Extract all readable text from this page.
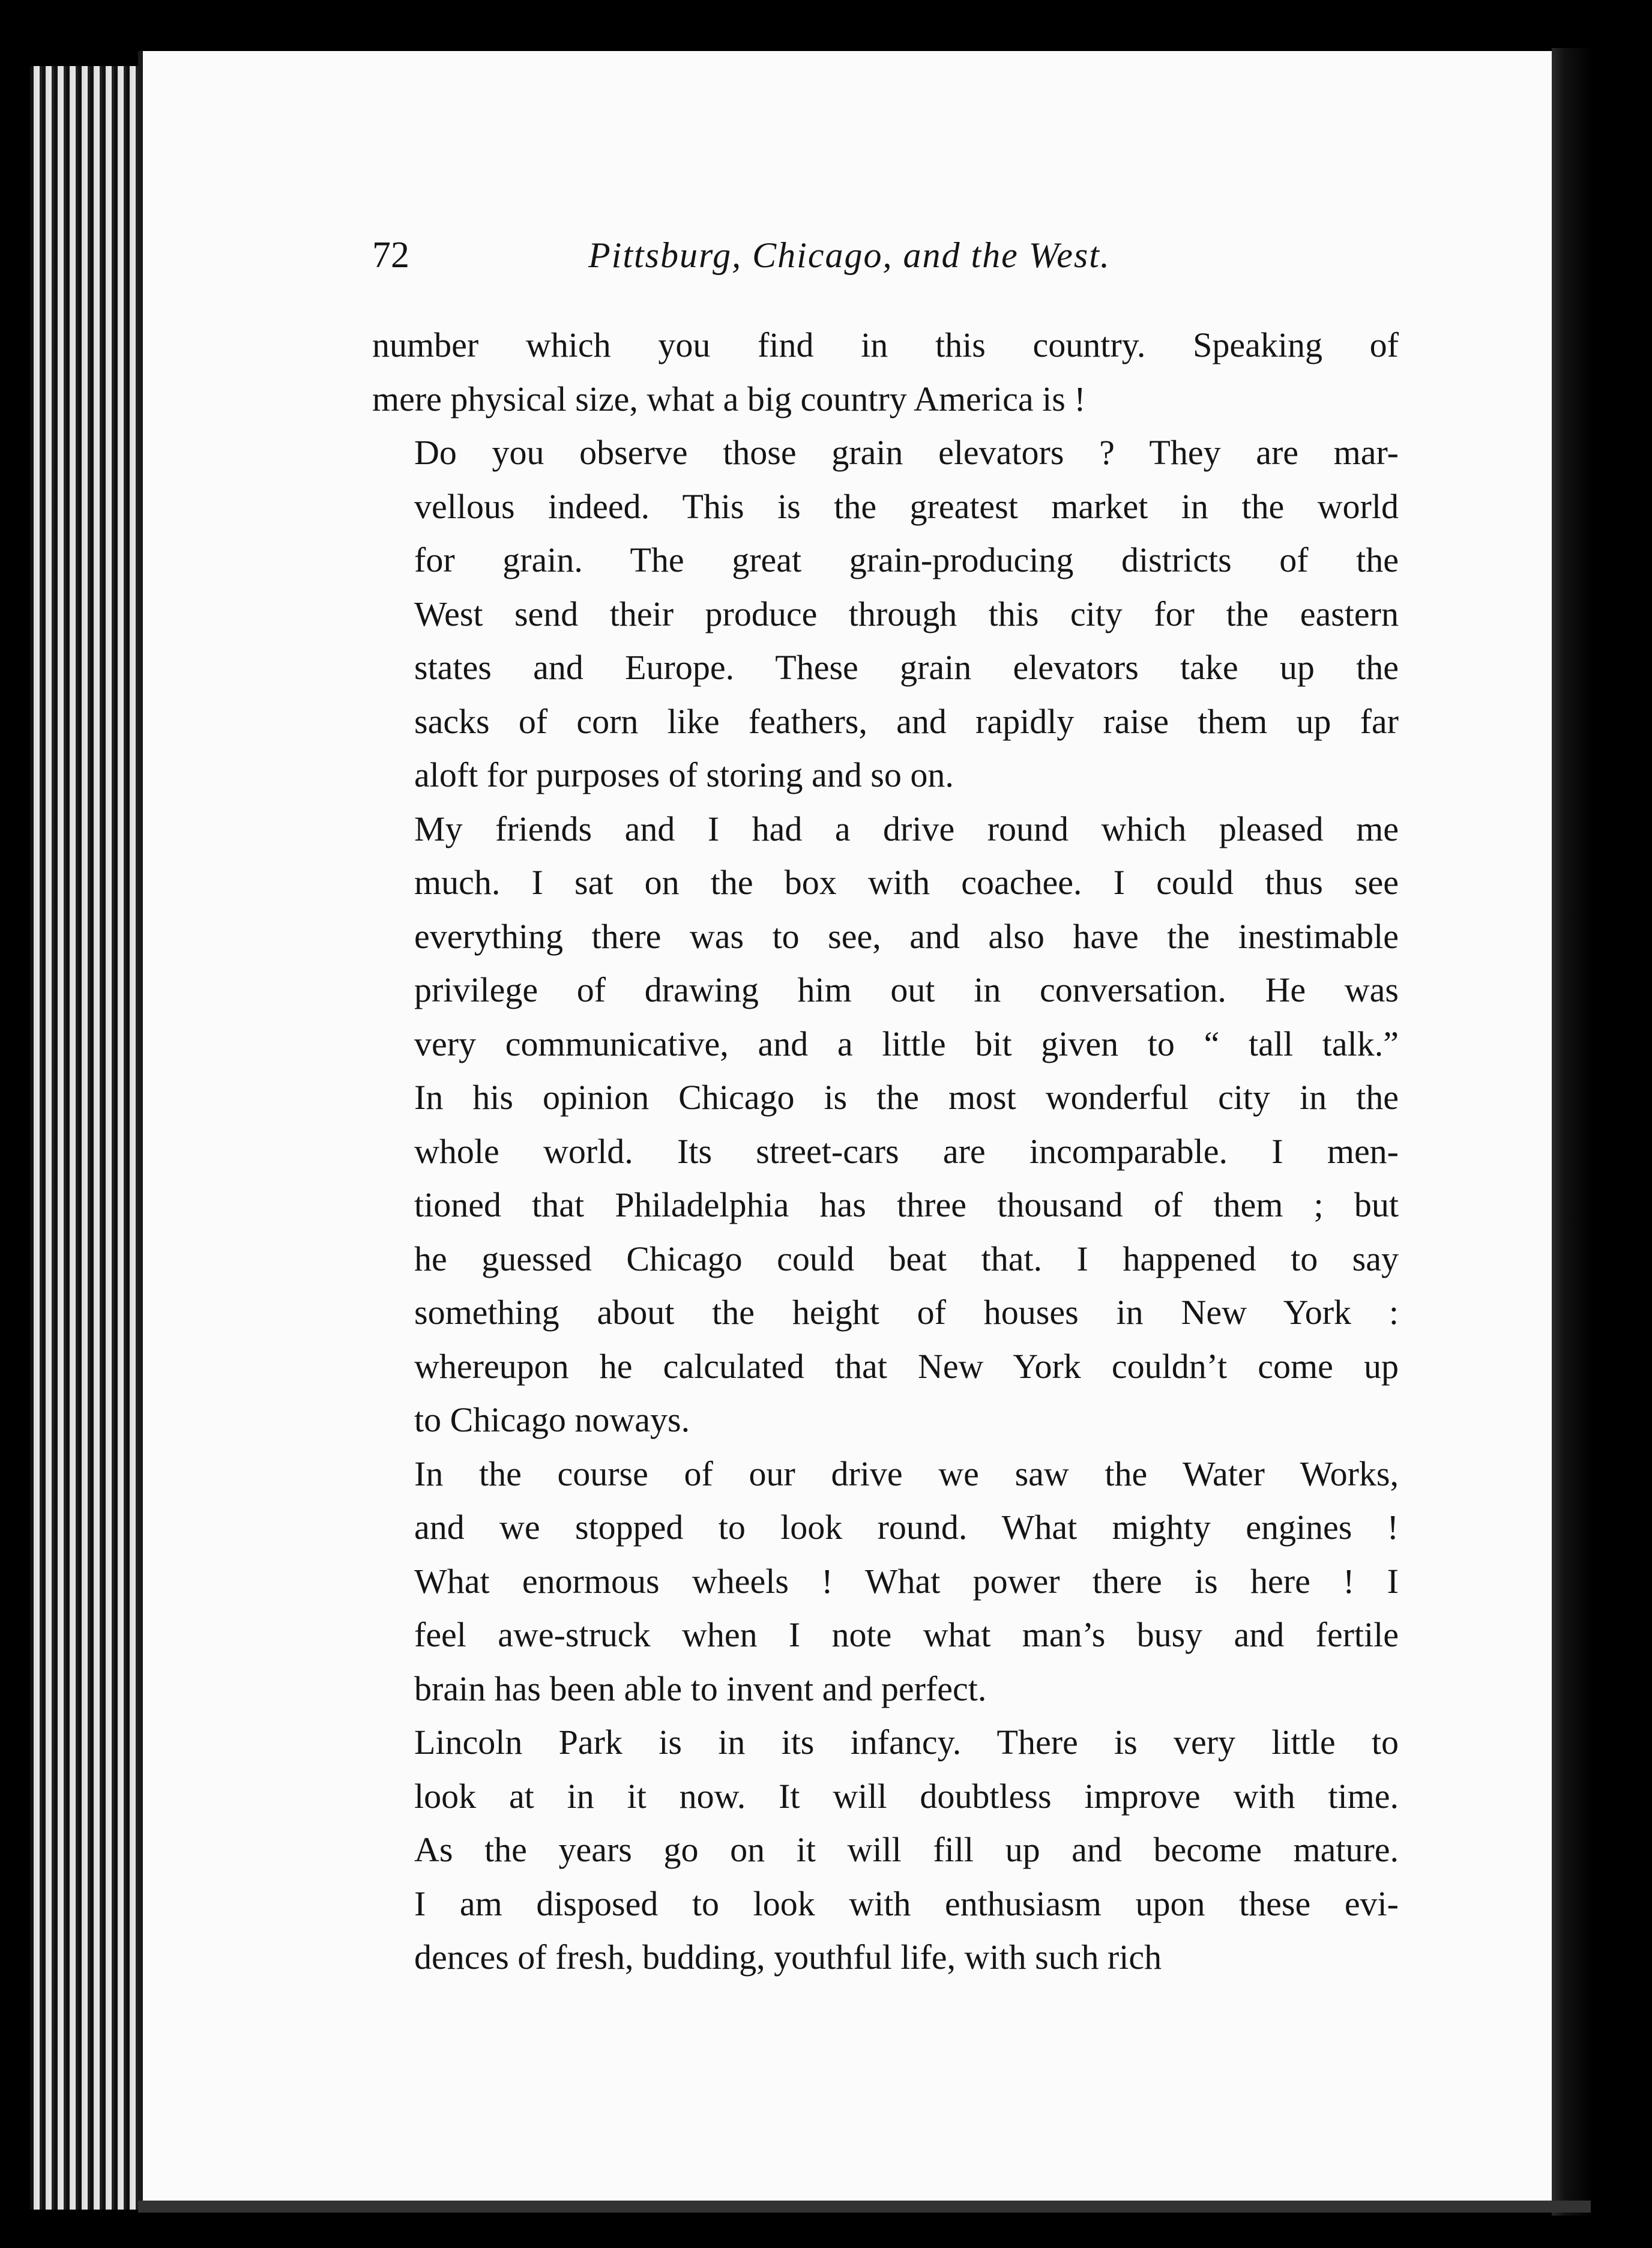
72	Pittsburg, Chicago, and the West.
number which you find in this country. Speaking of
mere physical size, what a big country America is !
Do you observe those grain elevators ? They are mar-
vellous indeed. This is the greatest market in the world
for grain. The great grain-producing districts of the
West send their produce through this city for the eastern
states and Europe. These grain elevators take up the
sacks of corn like feathers, and rapidly raise them up far
aloft for purposes of storing and so on.
My friends and I had a drive round which pleased me
much. I sat on the box with coachee. I could thus see
everything there was to see, and also have the inestimable
privilege of drawing him out in conversation. He was
very communicative, and a little bit given to “ tall talk.”
In his opinion Chicago is the most wonderful city in the
whole world. Its street-cars are incomparable. I men-
tioned that Philadelphia has three thousand of them ; but
he guessed Chicago could beat that. I happened to say
something about the height of houses in New York :
whereupon he calculated that New York couldn’t come up
to Chicago noways.
In the course of our drive we saw the Water Works,
and we stopped to look round. What mighty engines !
What enormous wheels ! What power there is here ! I
feel awe-struck when I note what man’s busy and fertile
brain has been able to invent and perfect.
Lincoln Park is in its infancy. There is very little to
look at in it now. It will doubtless improve with time.
As the years go on it will fill up and become mature.
I am disposed to look with enthusiasm upon these evi-
dences of fresh, budding, youthful life, with such rich
